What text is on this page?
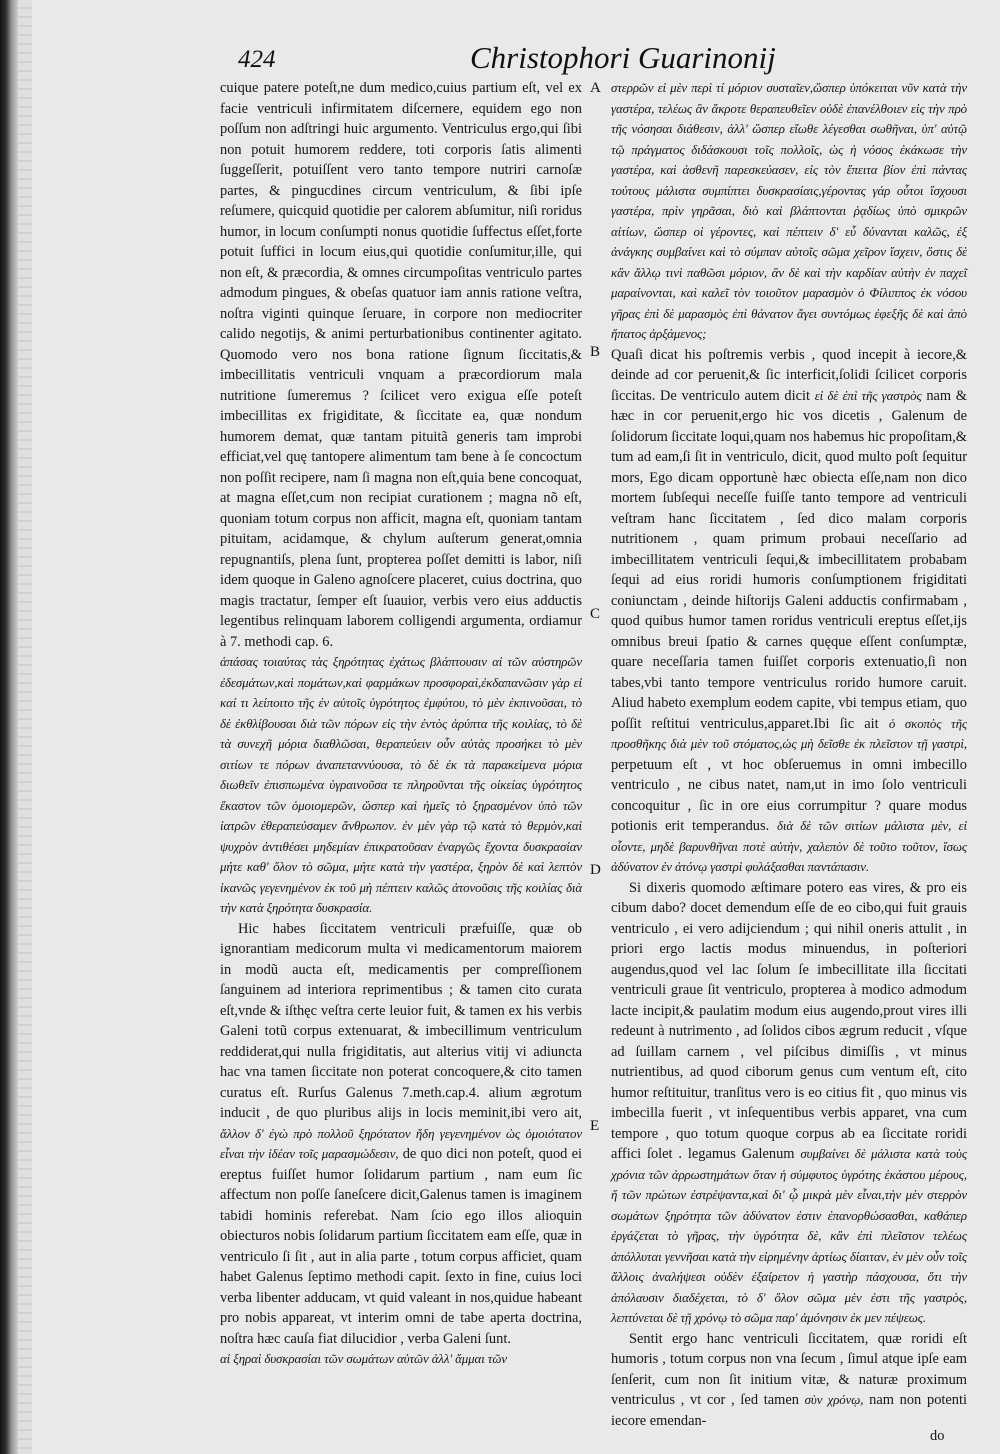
424	Christophori Guarinonij

cuique patere poteſt,ne dum medico,cuius partium eſt, vel ex facie ventriculi infirmitatem diſcernere, equidem ego non poſſum non adſtringi huic argumento. Ventriculus ergo,qui ſibi non potuit humorem reddere, toti corporis ſatis alimenti ſuggeſſerit, potuiſſent vero tanto tempore nutriri carnoſæ partes, & pingucdines circum ventriculum, & ſibi ipſe reſumere, quicquid quotidie per calorem abſumitur, niſi roridus humor, in locum conſumpti nonus quotidie ſuffectus eſſet,forte potuit ſuffici in locum eius,qui quotidie conſumitur,ille, qui non eſt, & præcordia, & omnes circumpoſitas ventriculo partes admodum pingues, & obeſas quatuor iam annis ratione veſtra, noſtra viginti quinque ſeruare, in corpore non mediocriter calido negotijs, & animi perturbationibus continenter agitato. Quomodo vero nos bona ratione ſignum ſiccitatis,& imbecillitatis ventriculi vnquam a præcordiorum mala nutritione ſumeremus ? ſcilicet vero exigua eſſe poteſt imbecillitas ex frigiditate, & ſiccitate ea, quæ nondum humorem demat, quæ tantam pituitã generis tam improbi efficiat,vel quę tantopere alimentum tam bene à ſe concoctum non poſſit recipere, nam ſi magna non eſt,quia bene concoquat, at magna eſſet,cum non recipiat curationem ; magna nõ eſt, quoniam totum corpus non afficit, magna eſt, quoniam tantam pituitam, acidamque, & chylum auſterum generat,omnia repugnantiſs, plena ſunt, propterea poſſet demitti is labor, niſi idem quoque in Galeno agnoſcere placeret, cuius doctrina, quo magis tractatur, ſemper eſt ſuauior, verbis vero eius adductis legentibus relinquam laborem colligendi argumenta, ordiamur à 7. methodi cap. 6.

ἁπάσας τοιαύτας τὰς ξηρότητας ἐχάτως βλάπτουσιν αἱ τῶν αὐστηρῶν ἐδεσμάτων,καὶ πομάτων,καὶ φαρμάκων προσφοραὶ,ἐκδαπανῶσιν γὰρ εἰ καί τι λείποιτο τῆς ἐν αὐτοῖς ὑγρότητος ἐμφύτου, τὸ μὲν ἐκπινοῦσαι, τὸ δὲ ἐκθλίβουσαι διὰ τῶν πόρων εἰς τὴν ἐντὸς ἀρύπτα τῆς κοιλίας, τὸ δὲ τὰ συνεχῆ μόρια διαθλῶσαι, θεραπεύειν οὖν αὐτὰς προσήκει τὸ μὲν σιτίων τε πόρων ἀναπεταννύουσα, τὸ δὲ ἐκ τὰ παρακείμενα μόρια διωθεῖν ἐπισπωμένα ὑγραινοῦσα τε πληροῦνται τῆς οἰκείας ὑγρότητος ἕκαστον τῶν ὁμοιομερῶν, ὥσπερ καὶ ἡμεῖς τὸ ξηρασμένον ὑπὸ τῶν ἰατρῶν ἐθεραπεύσαμεν ἄνθρωπον. ἐν μὲν γὰρ τῷ κατὰ τὸ θερμὸν,καὶ ψυχρὸν ἀντιθέσει μηδεμίαν ἐπικρατοῦσαν ἐναργῶς ἔχοντα δυσκρασίαν μήτε καθ' ὅλον τὸ σῶμα, μήτε κατὰ τὴν γαστέρα, ξηρὸν δὲ καὶ λεπτὸν ἱκανῶς γεγενημένον ἐκ τοῦ μὴ πέπτειν καλῶς ἀτονοῦσις τῆς κοιλίας διὰ τὴν κατὰ ξηρότητα δυσκρασία.

Hic habes ſiccitatem ventriculi præfuiſſe, quæ ob ignorantiam medicorum multa vi medicamentorum maiorem in modũ aucta eſt, medicamentis per compreſſionem ſanguinem ad interiora reprimentibus ; & tamen cito curata eſt,vnde & iſthęc veſtra certe leuior fuit, & tamen ex his verbis Galeni totũ corpus extenuarat, & imbecillimum ventriculum reddiderat,qui nulla frigiditatis, aut alterius vitij vi adiuncta hac vna tamen ſiccitate non poterat concoquere,& cito tamen curatus eſt. Rurſus Galenus 7.meth.cap.4. alium ægrotum inducit , de quo pluribus alijs in locis meminit,ibi vero ait, ἄλλον δ' ἐγὼ πρὸ πολλοῦ ξηρότατον ἤδη γεγενημένον ὡς ὁμοιότατον εἶναι τὴν ἰδέαν τοῖς μαρασμώδεσιν, de quo dici non poteſt, quod ei ereptus fuiſſet humor ſolidarum partium , nam eum ſic affectum non poſſe ſaneſcere dicit,Galenus tamen is imaginem tabidi hominis referebat. Nam ſcio ego illos alioquin obiecturos nobis ſolidarum partium ſiccitatem eam eſſe, quæ in ventriculo ſi ſit , aut in alia parte , totum corpus afficiet, quam habet Galenus ſeptimo methodi capit. ſexto in fine, cuius loci verba libenter adducam, vt quid valeant in nos,quidue habeant pro nobis appareat, vt interim omni de tabe aperta doctrina, noſtra hæc cauſa fiat dilucidior , verba Galeni ſunt.

αἱ ξηραὶ δυσκρασίαι τῶν σωμάτων αὐτῶν ἀλλ' ἄμμαι τῶν

A
B
C
D
E

στερρῶν εἰ μὲν περὶ τί μόριον συσταῖεν,ὥσπερ ὑπόκειται νῦν κατὰ τὴν γαστέρα, τελέως ἂν ἄκροτε θεραπευθεῖεν οὐδὲ ἐπανέλθοιεν εἰς τὴν πρὸ τῆς νόσησαι διάθεσιν, ἀλλ' ὥσπερ εἴωθε λέγεσθαι σωθῆναι, ὑπ' αὐτῷ τῷ πράγματος διδάσκουσι τοῖς πολλοῖς, ὡς ἡ νόσος ἐκάκωσε τὴν γαστέρα, καὶ ἀσθενῆ παρεσκεύασεν, εἰς τὸν ἔπειτα βίον ἐπὶ πάντας τούτους μάλιστα συμπίπτει δυσκρασίαις,γέροντας γάρ οὗτοι ἴσχουσι γαστέρα, πρὶν γηρᾶσαι, διὸ καὶ βλάπτονται ῥᾳδίως ὑπὸ σμικρῶν αἰτίων, ὥσπερ οἱ γέροντες, καὶ πέπτειν δ' εὖ δύνανται καλῶς, ἐξ ἀνάγκης συμβαίνει καὶ τὸ σύμπαν αὐτοῖς σῶμα χεῖρον ἴσχειν, ὅστις δὲ κἂν ἄλλῳ τινὶ παθῶσι μόριον, ἂν δὲ καὶ τὴν καρδίαν αὐτὴν ἐν παχεῖ μαραίνονται, καὶ καλεῖ τὸν τοιοῦτον μαρασμὸν ὁ Φίλιππος ἐκ νόσου γῆρας ἐπὶ δὲ μαρασμὸς ἐπὶ θάνατον ἄγει συντόμως ἐφεξῆς δὲ καὶ ἀπὸ ἥπατος ἀρξάμενος;

Quaſi dicat his poſtremis verbis , quod incepit à iecore,& deinde ad cor peruenit,& ſic interficit,ſolidi ſcilicet corporis ſiccitas. De ventriculo autem dicit εἰ δὲ ἐπὶ τῆς γαστρὸς nam & hæc in cor peruenit,ergo hic vos dicetis , Galenum de ſolidorum ſiccitate loqui,quam nos habemus hic propoſitam,& tum ad eam,ſi ſit in ventriculo, dicit, quod multo poſt ſequitur mors, Ego dicam opportunè hæc obiecta eſſe,nam non dico mortem ſubſequi neceſſe fuiſſe tanto tempore ad ventriculi veſtram hanc ſiccitatem , ſed dico malam corporis nutritionem , quam primum probaui neceſſario ad imbecillitatem ventriculi ſequi,& imbecillitatem probabam ſequi ad eius roridi humoris conſumptionem frigiditati coniunctam , deinde hiſtorijs Galeni adductis confirmabam , quod quibus humor tamen roridus ventriculi ereptus eſſet,ijs omnibus breui ſpatio & carnes quęque eſſent conſumptæ, quare neceſſaria tamen fuiſſet corporis extenuatio,ſi non tabes,vbi tanto tempore ventriculus rorido humore caruit. Aliud habeto exemplum eodem capite, vbi tempus etiam, quo poſſit reſtitui ventriculus,apparet.Ibi ſic ait ὁ σκοπὸς τῆς προσθῆκης διὰ μὲν τοῦ στόματος,ὡς μὴ δεῖσθε ἐκ πλεῖστον τῇ γαστρὶ, perpetuum eſt , vt hoc obſeruemus in omni imbecillo ventriculo , ne cibus natet, nam,ut in imo ſolo ventriculi concoquitur , ſic in ore eius corrumpitur ? quare modus potionis erit temperandus. διὰ δὲ τῶν σιτίων μάλιστα μὲν, εἰ οἷοντε, μηδὲ βαρυνθῆναι ποτὲ αὐτὴν, χαλεπὸν δὲ τοῦτο τοῦτον, ἴσως ἀδύνατον ἐν ἀτόνῳ γαστρὶ φυλάξασθαι παντάπασιν.

Si dixeris quomodo æſtimare potero eas vires, & pro eis cibum dabo? docet demendum eſſe de eo cibo,qui fuit grauis ventriculo , ei vero adijciendum ; qui nihil oneris attulit , in priori ergo lactis modus minuendus, in poſteriori augendus,quod vel lac ſolum ſe imbecillitate illa ſiccitati ventriculi graue ſit ventriculo, propterea à modico admodum lacte incipit,& paulatim modum eius augendo,prout vires illi redeunt à nutrimento , ad ſolidos cibos ægrum reducit , vſque ad ſuillam carnem , vel piſcibus dimiſſis , vt minus nutrientibus, ad quod ciborum genus cum ventum eſt, cito humor reſtituitur, tranſitus vero is eo citius fit , quo minus vis imbecilla fuerit , vt inſequentibus verbis apparet, vna cum tempore , quo totum quoque corpus ab ea ſiccitate roridi affici ſolet . legamus Galenum συμβαίνει δὲ μάλιστα κατὰ τοὺς χρόνια τῶν ἀρρωστημάτων ὅταν ἡ σύμφυτος ὑγρότης ἑκάστου μέρους, ἥ τῶν πρώτων ἐστρέψαντα,καὶ δι' ᾧ μικρὰ μὲν εἶναι,τὴν μὲν στερρὸν σωμάτων ξηρότητα τῶν ἀδύνατον ἐστιν ἐπανορθώσασθαι, καθάπερ ἐργάζεται τὸ γῆρας, τὴν ὑγρότητα δὲ, κἂν ἐπὶ πλεῖστον τελέως ἀπόλλυται γεννῆσαι κατὰ τὴν εἰρημένην ἀρτίως δίαιταν, ἐν μὲν οὖν τοῖς ἄλλοις ἀναλήψεσι οὐδὲν ἐξαίρετον ἡ γαστὴρ πάσχουσα, ὅτι τὴν ἀπόλαυσιν διαδέχεται, τὸ δ' ὅλον σῶμα μὲν ἐστι τῆς γαστρὸς, λεπτύνεται δὲ τῇ χρόνῳ τὸ σῶμα παρ' ἀμόνησιν ἐκ μεν πέψεως.

Sentit ergo hanc ventriculi ſiccitatem, quæ roridi eſt humoris , totum corpus non vna ſecum , ſimul atque ipſe eam ſenſerit, cum non ſit initium vitæ, & naturæ proximum ventriculus , vt cor , ſed tamen σὺν χρόνῳ, nam non potenti iecore emendan-

do
